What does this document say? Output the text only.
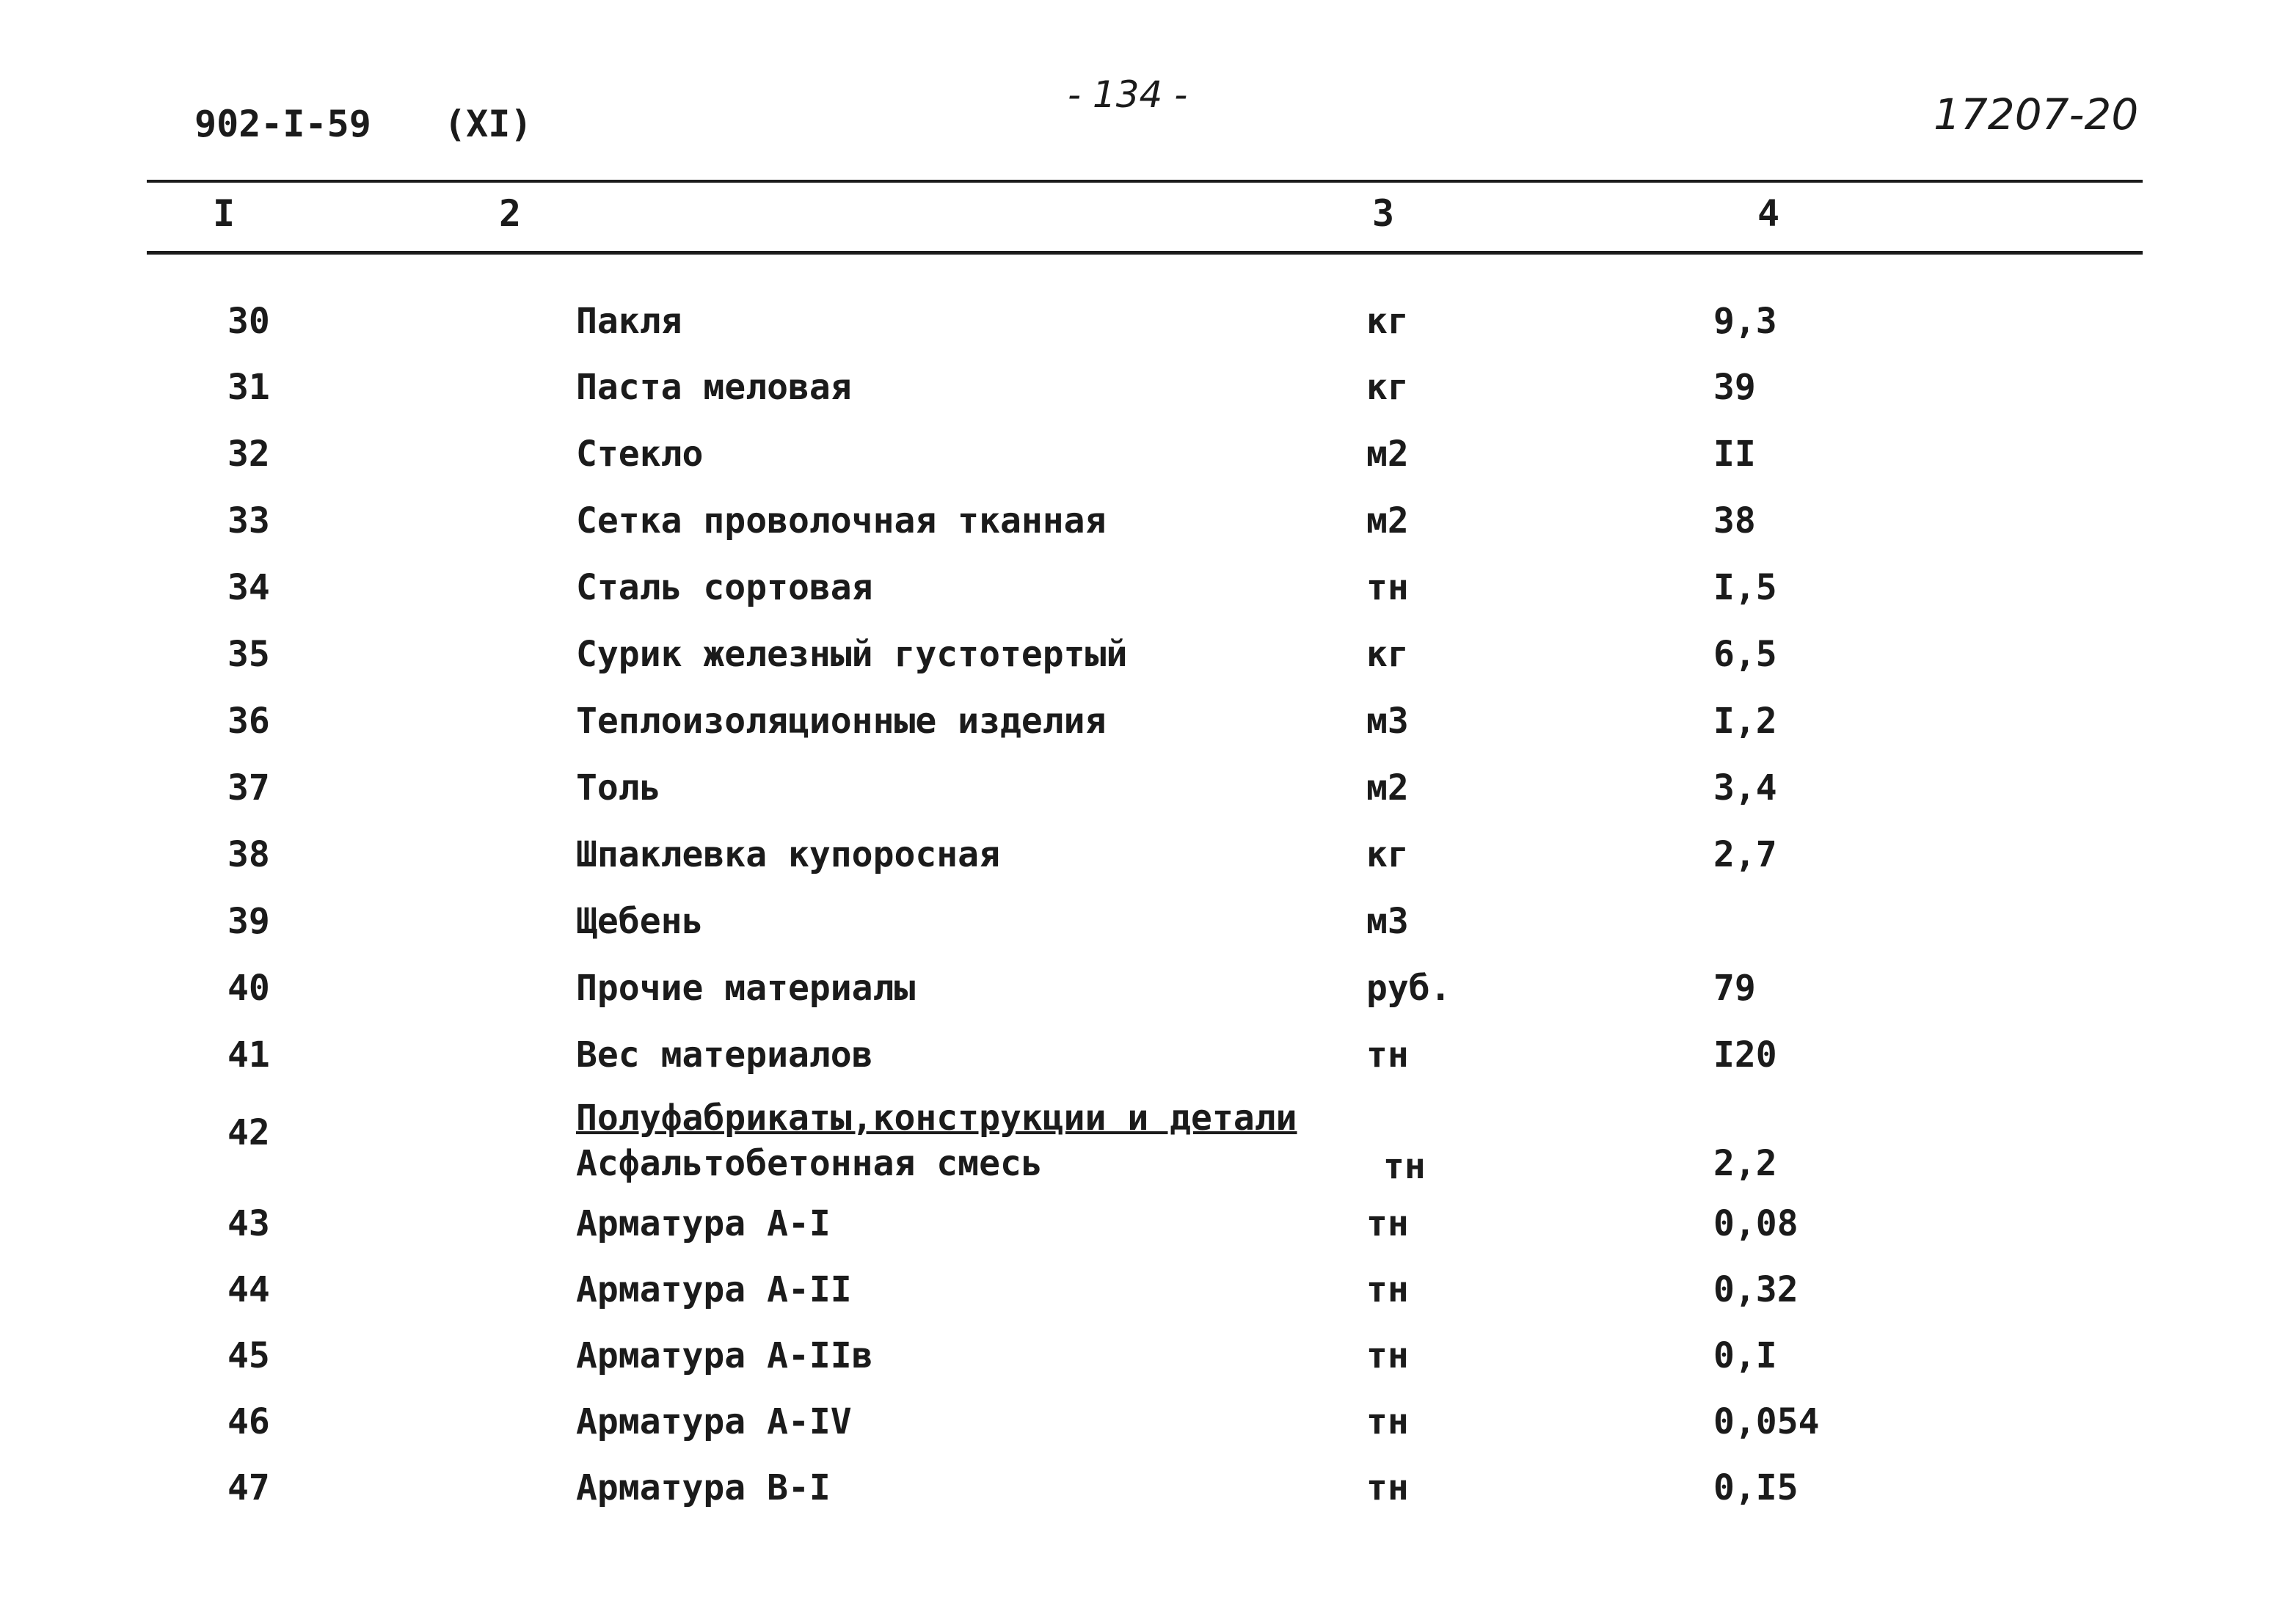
902-I-59 (XI)
- 134 -	17207-20
I	2	3	4
30	Пакля	кг	9,3
31	Паста меловая	кг	39
32	Стекло	м2	II
33	Сетка проволочная тканная	м2	38
34	Сталь сортовая	тн	I,5
35	Сурик железный густотертый	кг	6,5
36	Теплоизоляционные изделия	м3	I,2
37	Толь	м2	3,4
38	Шпаклевка купоросная	кг	2,7
39	Щебень	м3
40	Прочие материалы	руб.	79
41	Вес материалов	тн	I20
42	Полуфабрикаты,конструкции и детали
Асфальтобетонная смесь	тн	2,2
43	Арматура А-I	тн	0,08
44	Арматура А-II	тн	0,32
45	Арматура А-IIв	тн	0,I
46	Арматура А-IV	тн	0,054
47	Арматура В-I	тн	0,I5
